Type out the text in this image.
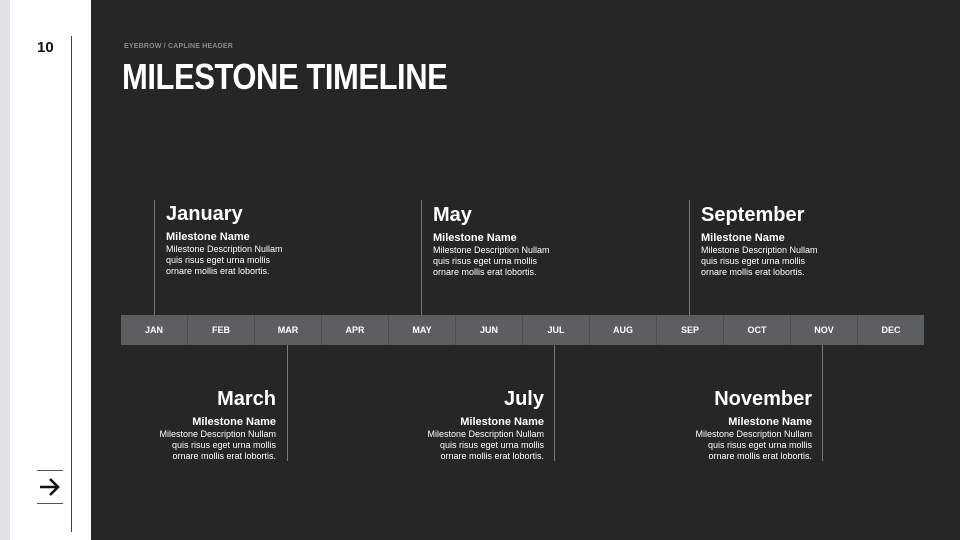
10	EYEBROW / CAPLINE HEADER
MILESTONE TIMELINE
JAN	FEB	MAR	APR	MAY	JUN	JUL	AUG	SEP	OCT	NOV	DEC
January
Milestone Name
Milestone Description Nullam
quis risus eget urna mollis
ornare mollis erat lobortis.
May
Milestone Name
Milestone Description Nullam
quis risus eget urna mollis
ornare mollis erat lobortis.
September
Milestone Name
Milestone Description Nullam
quis risus eget urna mollis
ornare mollis erat lobortis.
March
Milestone Name
Milestone Description Nullam
quis risus eget urna mollis
ornare mollis erat lobortis.
July
Milestone Name
Milestone Description Nullam
quis risus eget urna mollis
ornare mollis erat lobortis.
November
Milestone Name
Milestone Description Nullam
quis risus eget urna mollis
ornare mollis erat lobortis.
